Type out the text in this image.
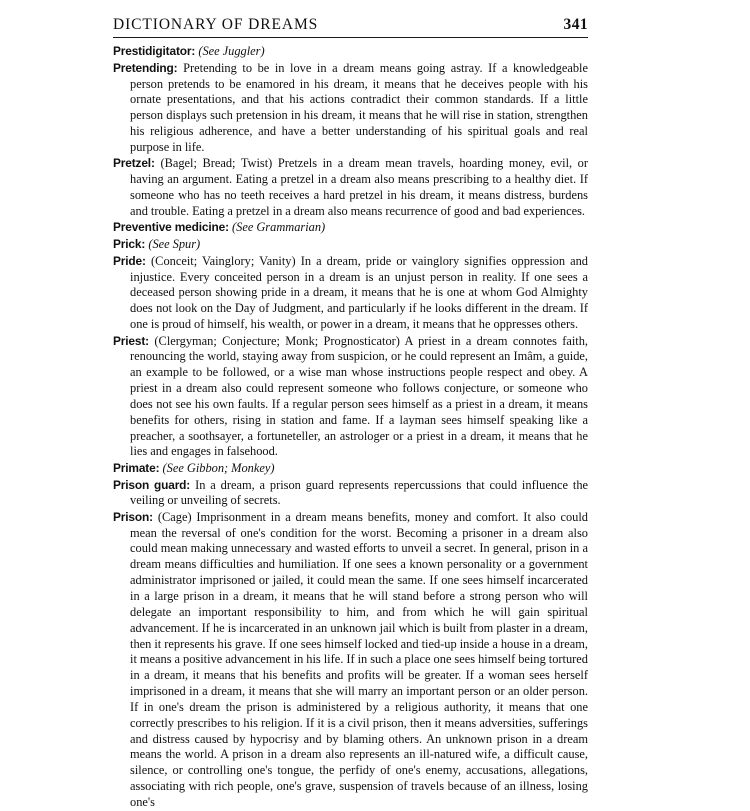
DICTIONARY OF DREAMS	341

Prestidigitator: (See Juggler)

Pretending: Pretending to be in love in a dream means going astray. If a knowledgeable person pretends to be enamored in his dream, it means that he deceives people with his ornate presentations, and that his actions contradict their common standards. If a little person displays such pretension in his dream, it means that he will rise in station, strengthen his religious adherence, and have a better understanding of his spiritual goals and real purpose in life.

Pretzel: (Bagel; Bread; Twist) Pretzels in a dream mean travels, hoarding money, evil, or having an argument. Eating a pretzel in a dream also means prescribing to a healthy diet. If someone who has no teeth receives a hard pretzel in his dream, it means distress, burdens and trouble. Eating a pretzel in a dream also means recurrence of good and bad experiences.

Preventive medicine: (See Grammarian)

Prick: (See Spur)

Pride: (Conceit; Vainglory; Vanity) In a dream, pride or vainglory signifies oppression and injustice. Every conceited person in a dream is an unjust person in reality. If one sees a deceased person showing pride in a dream, it means that he is one at whom God Almighty does not look on the Day of Judgment, and particularly if he looks different in the dream. If one is proud of himself, his wealth, or power in a dream, it means that he oppresses others.

Priest: (Clergyman; Conjecture; Monk; Prognosticator) A priest in a dream connotes faith, renouncing the world, staying away from suspicion, or he could represent an Imâm, a guide, an example to be followed, or a wise man whose instructions people respect and obey. A priest in a dream also could represent someone who follows conjecture, or someone who does not see his own faults. If a regular person sees himself as a priest in a dream, it means benefits for others, rising in station and fame. If a layman sees himself speaking like a preacher, a soothsayer, a fortuneteller, an astrologer or a priest in a dream, it means that he lies and engages in falsehood.

Primate: (See Gibbon; Monkey)

Prison guard: In a dream, a prison guard represents repercussions that could influence the veiling or unveiling of secrets.

Prison: (Cage) Imprisonment in a dream means benefits, money and comfort. It also could mean the reversal of one's condition for the worst. Becoming a prisoner in a dream also could mean making unnecessary and wasted efforts to unveil a secret. In general, prison in a dream means difficulties and humiliation. If one sees a known personality or a government administrator imprisoned or jailed, it could mean the same. If one sees himself incarcerated in a large prison in a dream, it means that he will stand before a strong person who will delegate an important responsibility to him, and from which he will gain spiritual advancement. If he is incarcerated in an unknown jail which is built from plaster in a dream, then it represents his grave. If one sees himself locked and tied-up inside a house in a dream, it means a positive advancement in his life. If in such a place one sees himself being tortured in a dream, it means that his benefits and profits will be greater. If a woman sees herself imprisoned in a dream, it means that she will marry an important person or an older person. If in one's dream the prison is administered by a religious authority, it means that one correctly prescribes to his religion. If it is a civil prison, then it means adversities, sufferings and distress caused by hypocrisy and by blaming others. An unknown prison in a dream means the world. A prison in a dream also represents an ill-natured wife, a difficult cause, silence, or controlling one's tongue, the perfidy of one's enemy, accusations, allegations, associating with rich people, one's grave, suspension of travels because of an illness, losing one's
